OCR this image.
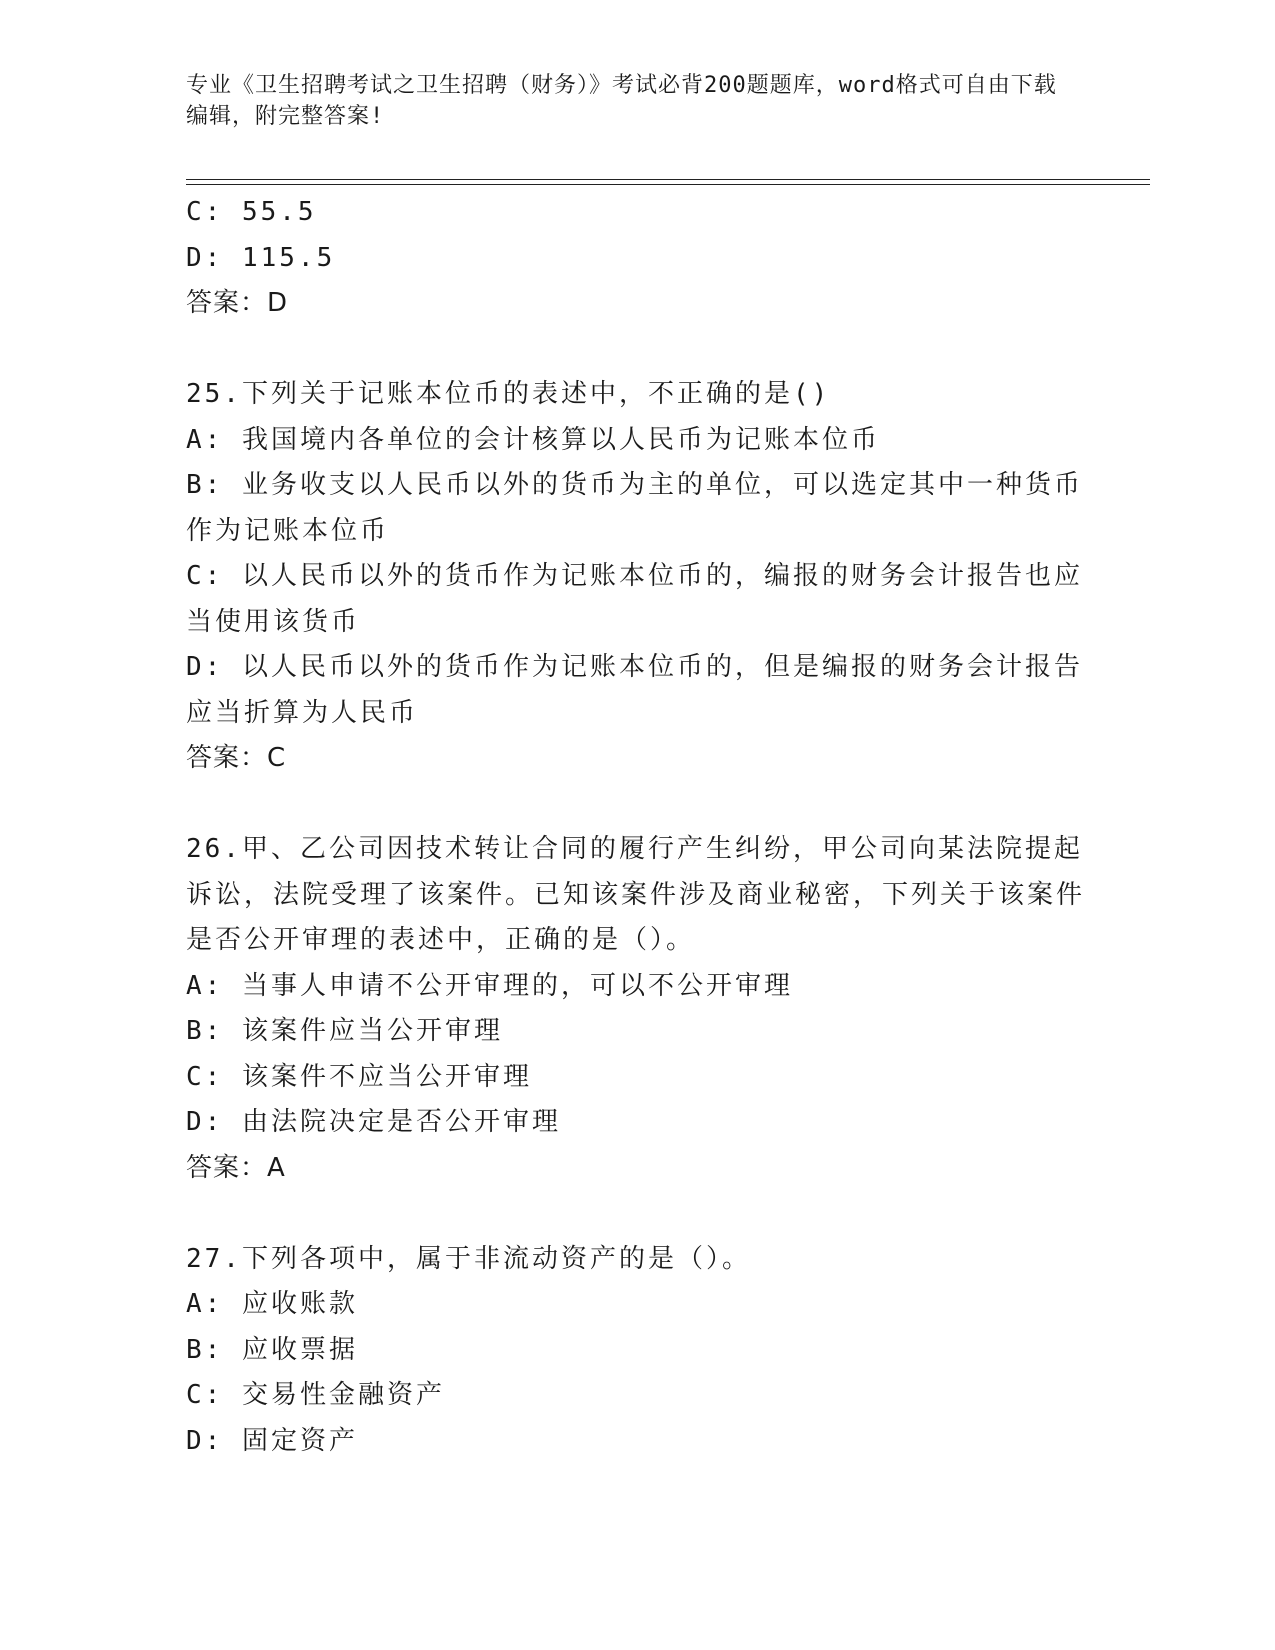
专业《卫生招聘考试之卫生招聘（财务）》考试必背200题题库，word格式可自由下载编辑，附完整答案!
C: 55.5
D: 115.5
答案：D
25.下列关于记账本位币的表述中，不正确的是()
A: 我国境内各单位的会计核算以人民币为记账本位币
B: 业务收支以人民币以外的货币为主的单位，可以选定其中一种货币作为记账本位币
C: 以人民币以外的货币作为记账本位币的，编报的财务会计报告也应当使用该货币
D: 以人民币以外的货币作为记账本位币的，但是编报的财务会计报告应当折算为人民币
答案：C
26.甲、乙公司因技术转让合同的履行产生纠纷，甲公司向某法院提起诉讼，法院受理了该案件。已知该案件涉及商业秘密，下列关于该案件是否公开审理的表述中，正确的是（）。
A: 当事人申请不公开审理的，可以不公开审理
B: 该案件应当公开审理
C: 该案件不应当公开审理
D: 由法院决定是否公开审理
答案：A
27.下列各项中，属于非流动资产的是（）。
A: 应收账款
B: 应收票据
C: 交易性金融资产
D: 固定资产
